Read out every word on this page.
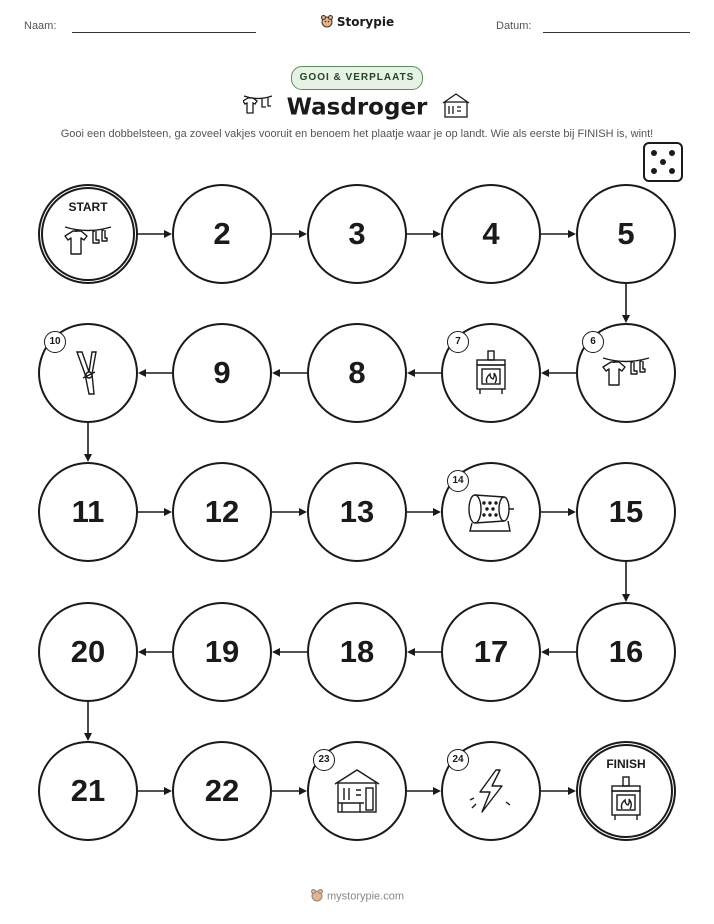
Naam:	Storypie	Datum:
GOOI & VERPLAATS
Wasdroger
Gooi een dobbelsteen, ga zoveel vakjes vooruit en benoem het plaatje waar je op landt. Wie als eerste bij FINISH is, wint!
START
2	3	4	5
6
7
8
9
10
11	12	13
14
15
16
17
18
19
20
21	22
23	24	FINISH
mystorypie.com
